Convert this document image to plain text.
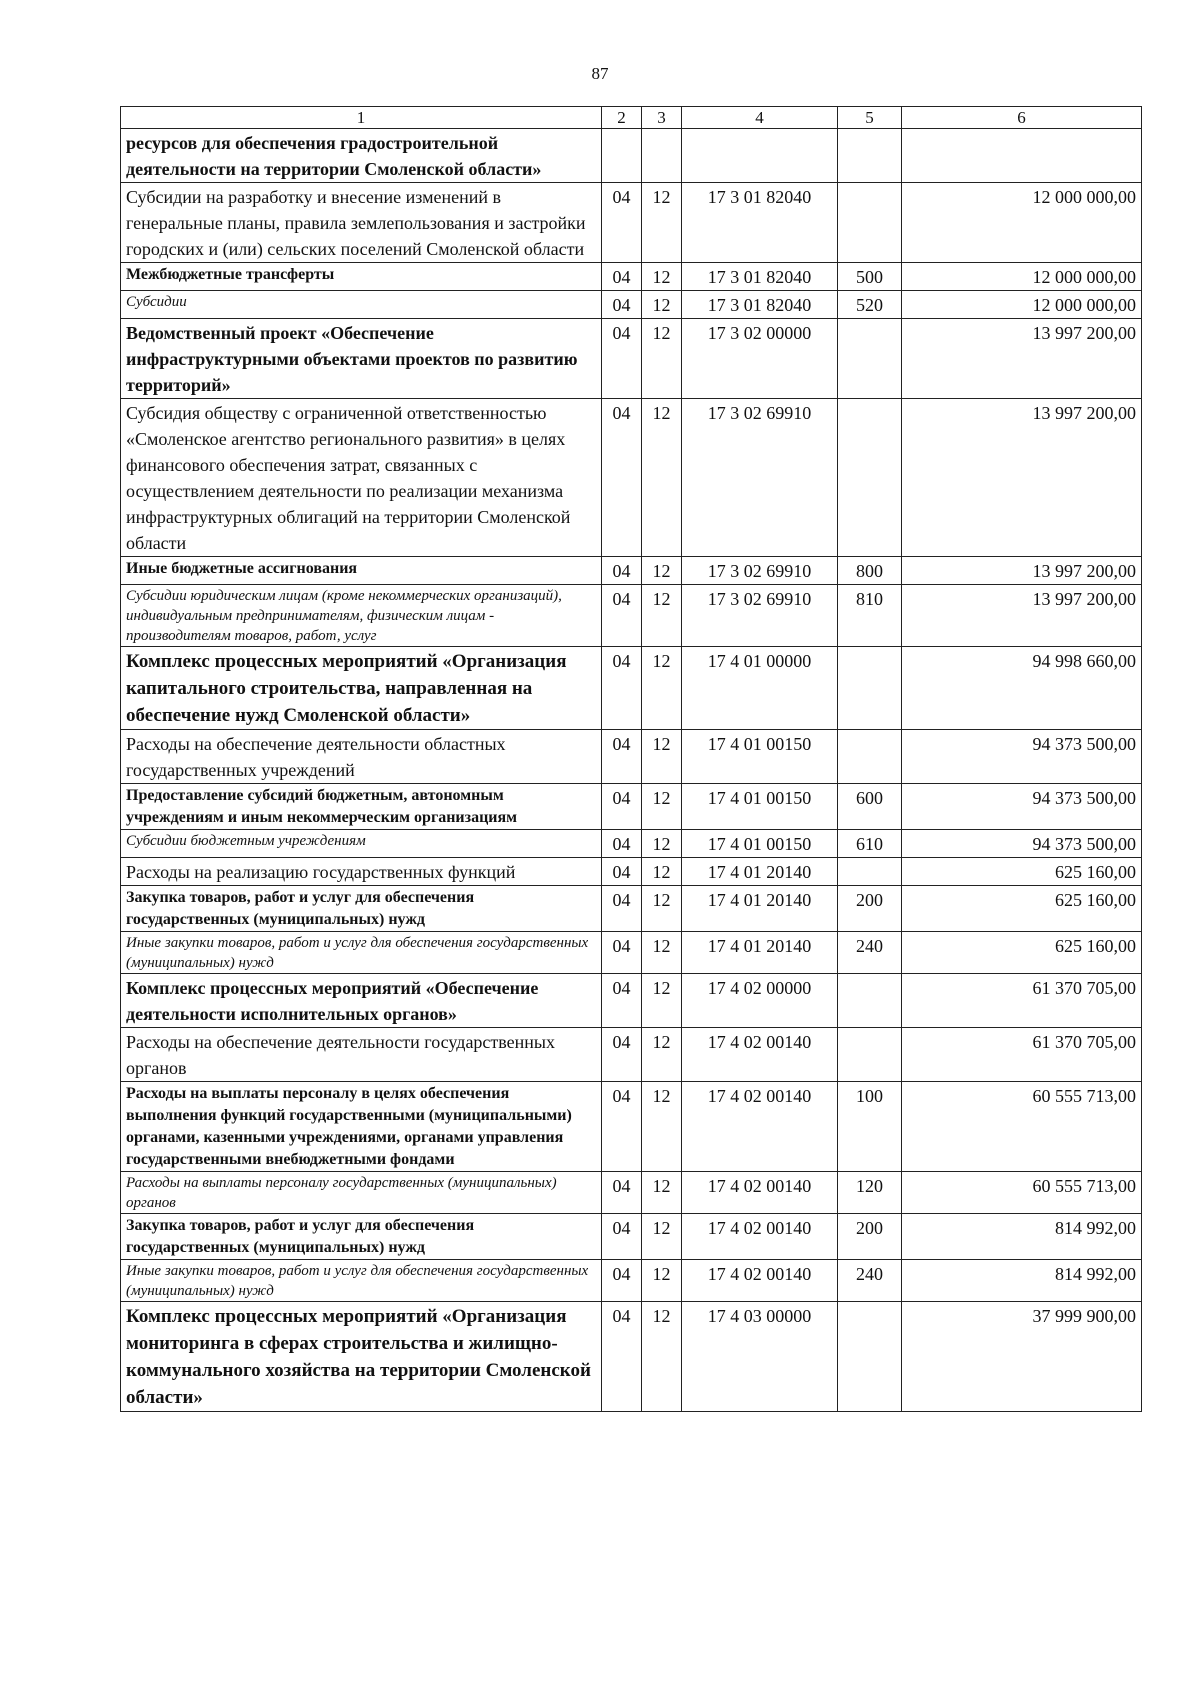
87
1	2	3	4	5	6
ресурсов для обеспечения градостроительной деятельности на территории Смоленской области»					
Субсидии на разработку и внесение изменений в генеральные планы, правила землепользования и застройки городских и (или) сельских поселений Смоленской области	04	12	17 3 01 82040		12 000 000,00
Межбюджетные трансферты	04	12	17 3 01 82040	500	12 000 000,00
Субсидии	04	12	17 3 01 82040	520	12 000 000,00
Ведомственный проект «Обеспечение инфраструктурными объектами проектов по развитию территорий»	04	12	17 3 02 00000		13 997 200,00
Субсидия обществу с ограниченной ответственностью «Смоленское агентство регионального развития» в целях финансового обеспечения затрат, связанных с осуществлением деятельности по реализации механизма инфраструктурных облигаций на территории Смоленской области	04	12	17 3 02 69910		13 997 200,00
Иные бюджетные ассигнования	04	12	17 3 02 69910	800	13 997 200,00
Субсидии юридическим лицам (кроме некоммерческих организаций), индивидуальным предпринимателям, физическим лицам - производителям товаров, работ, услуг	04	12	17 3 02 69910	810	13 997 200,00
Комплекс процессных мероприятий «Организация капитального строительства, направленная на обеспечение нужд Смоленской области»	04	12	17 4 01 00000		94 998 660,00
Расходы на обеспечение деятельности областных государственных учреждений	04	12	17 4 01 00150		94 373 500,00
Предоставление субсидий бюджетным, автономным учреждениям и иным некоммерческим организациям	04	12	17 4 01 00150	600	94 373 500,00
Субсидии бюджетным учреждениям	04	12	17 4 01 00150	610	94 373 500,00
Расходы на реализацию государственных функций	04	12	17 4 01 20140		625 160,00
Закупка товаров, работ и услуг для обеспечения государственных (муниципальных) нужд	04	12	17 4 01 20140	200	625 160,00
Иные закупки товаров, работ и услуг для обеспечения государственных (муниципальных) нужд	04	12	17 4 01 20140	240	625 160,00
Комплекс процессных мероприятий «Обеспечение деятельности исполнительных органов»	04	12	17 4 02 00000		61 370 705,00
Расходы на обеспечение деятельности государственных органов	04	12	17 4 02 00140		61 370 705,00
Расходы на выплаты персоналу в целях обеспечения выполнения функций государственными (муниципальными) органами, казенными учреждениями, органами управления государственными внебюджетными фондами	04	12	17 4 02 00140	100	60 555 713,00
Расходы на выплаты персоналу государственных (муниципальных) органов	04	12	17 4 02 00140	120	60 555 713,00
Закупка товаров, работ и услуг для обеспечения государственных (муниципальных) нужд	04	12	17 4 02 00140	200	814 992,00
Иные закупки товаров, работ и услуг для обеспечения государственных (муниципальных) нужд	04	12	17 4 02 00140	240	814 992,00
Комплекс процессных мероприятий «Организация мониторинга в сферах строительства и жилищно-коммунального хозяйства на территории Смоленской области»	04	12	17 4 03 00000		37 999 900,00
